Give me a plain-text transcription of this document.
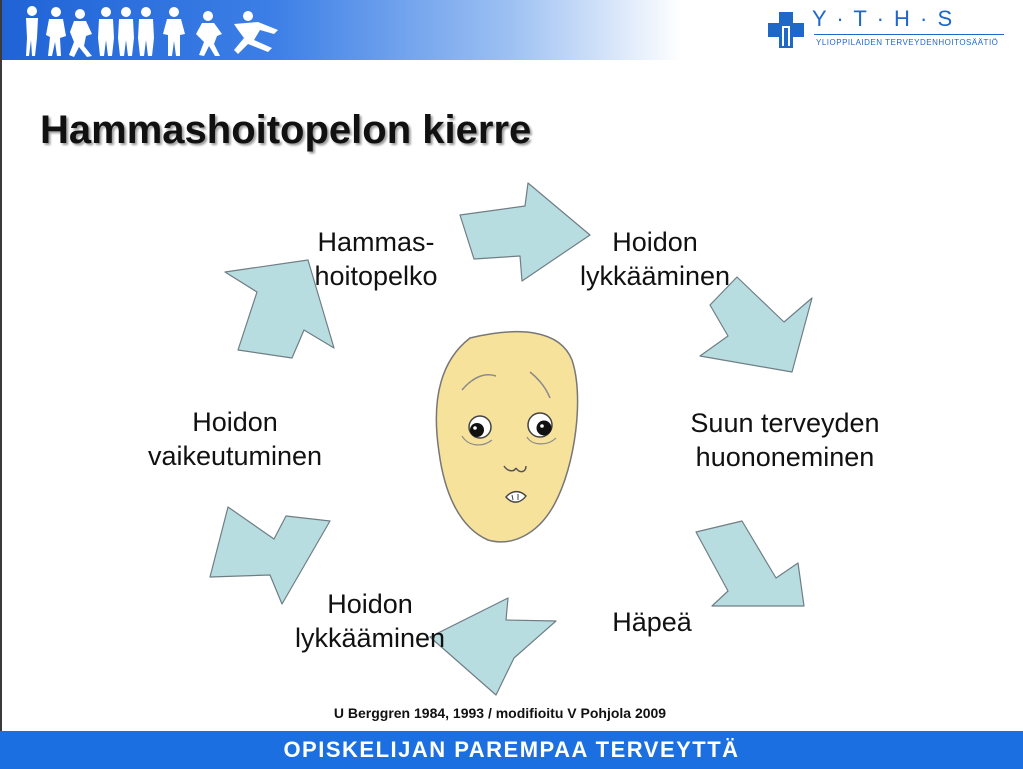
Y · T · H · S
YLIOPPILAIDEN TERVEYDENHOITOSÄÄTIÖ
Hammashoitopelon kierre
Hammas-
hoitopelko
Hoidon
lykkääminen
Suun terveyden
huononeminen
Häpeä
Hoidon
lykkääminen
Hoidon
vaikeutuminen
U Berggren 1984, 1993 / modifioitu V Pohjola 2009
OPISKELIJAN PAREMPAA TERVEYTTÄ
